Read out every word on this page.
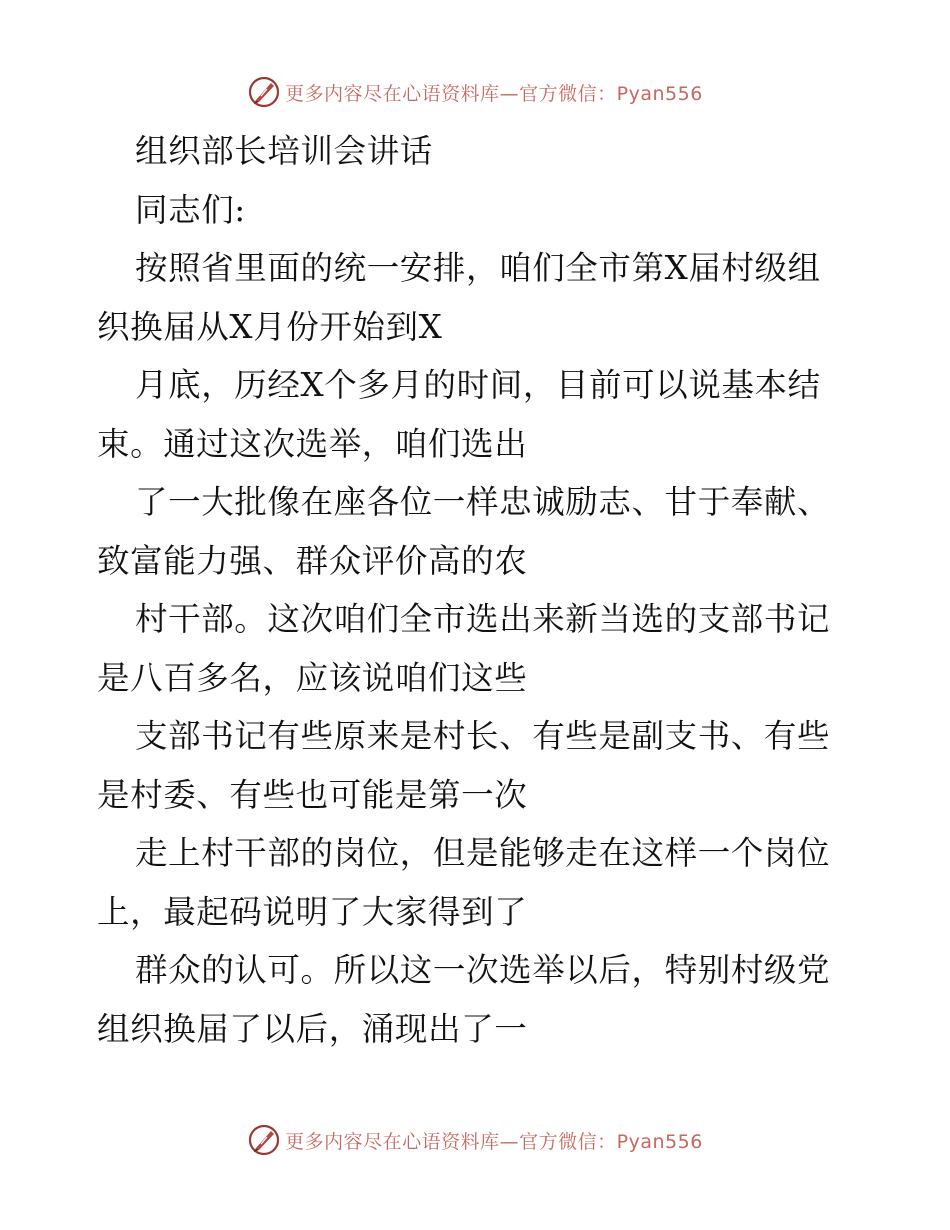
更多内容尽在心语资料库—官方微信：Pyan556
组织部长培训会讲话
同志们:
按照省里面的统一安排，咱们全市第X届村级组
织换届从X月份开始到X
月底，历经X个多月的时间，目前可以说基本结
束。通过这次选举，咱们选出
了一大批像在座各位一样忠诚励志、甘于奉献、
致富能力强、群众评价高的农
村干部。这次咱们全市选出来新当选的支部书记
是八百多名，应该说咱们这些
支部书记有些原来是村长、有些是副支书、有些
是村委、有些也可能是第一次
走上村干部的岗位，但是能够走在这样一个岗位
上，最起码说明了大家得到了
群众的认可。所以这一次选举以后，特别村级党
组织换届了以后，涌现出了一
更多内容尽在心语资料库—官方微信：Pyan556
